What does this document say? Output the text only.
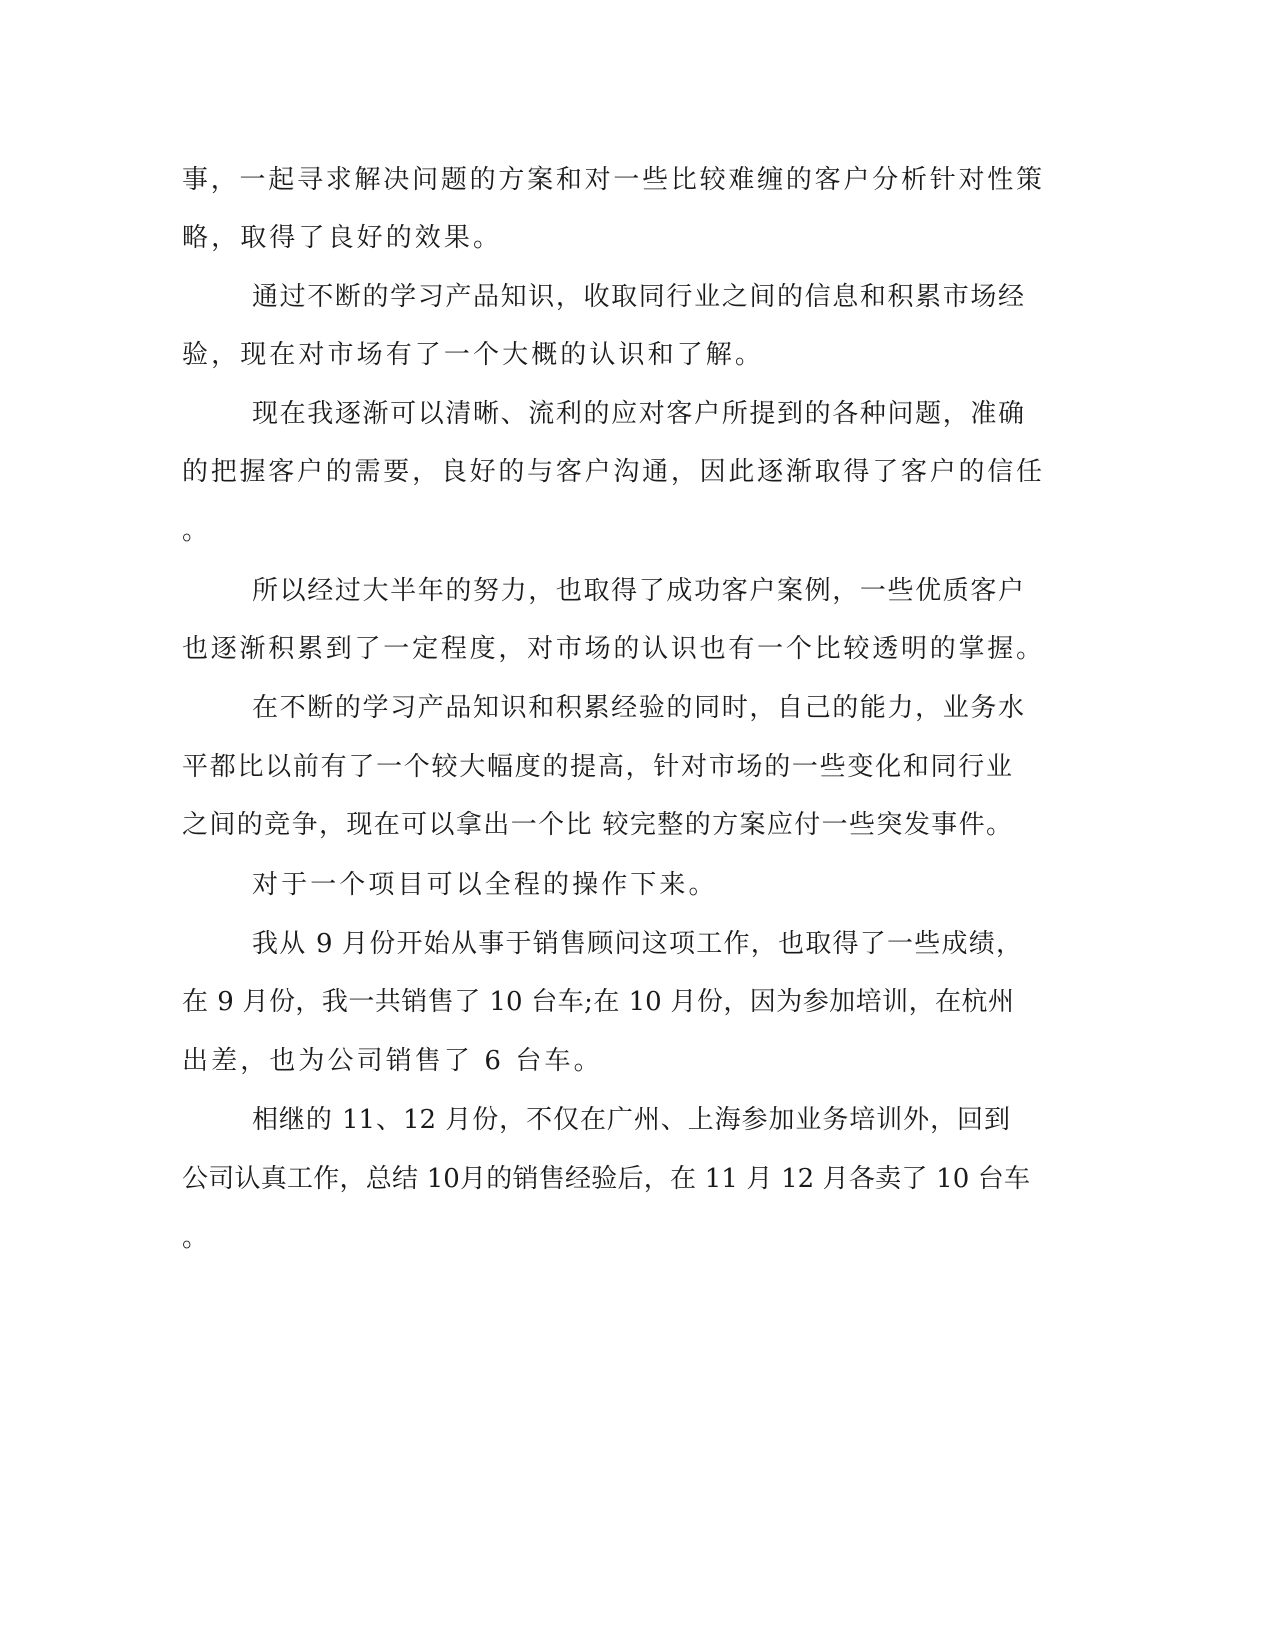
事，一起寻求解决问题的方案和对一些比较难缠的客户分析针对性策
略，取得了良好的效果。
通过不断的学习产品知识，收取同行业之间的信息和积累市场经
验，现在对市场有了一个大概的认识和了解。
现在我逐渐可以清晰、流利的应对客户所提到的各种问题，准确
的把握客户的需要，良好的与客户沟通，因此逐渐取得了客户的信任
。
所以经过大半年的努力，也取得了成功客户案例，一些优质客户
也逐渐积累到了一定程度，对市场的认识也有一个比较透明的掌握。
在不断的学习产品知识和积累经验的同时，自己的能力，业务水
平都比以前有了一个较大幅度的提高，针对市场的一些变化和同行业
之间的竞争，现在可以拿出一个比 较完整的方案应付一些突发事件。
对于一个项目可以全程的操作下来。
我从 9 月份开始从事于销售顾问这项工作，也取得了一些成绩，
在 9 月份，我一共销售了 10 台车;在 10 月份，因为参加培训，在杭州
出差，也为公司销售了 6 台车。
相继的 11、12 月份，不仅在广州、上海参加业务培训外，回到
公司认真工作，总结 10月的销售经验后，在 11 月 12 月各卖了 10 台车
。
